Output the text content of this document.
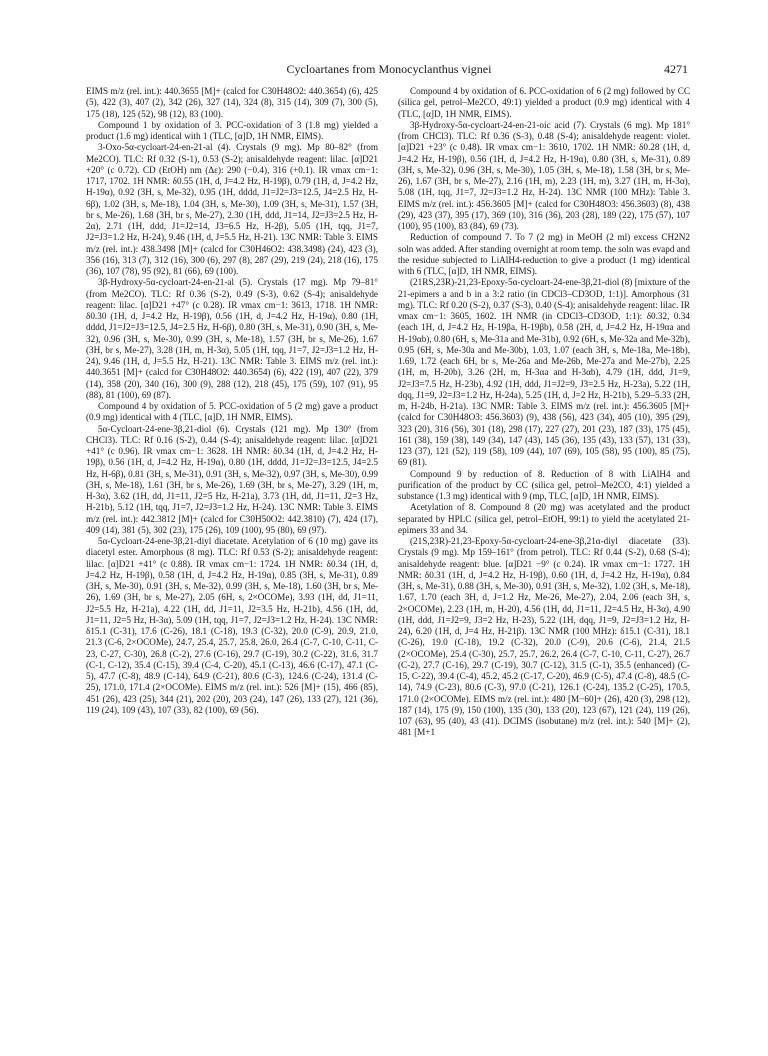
Cycloartanes from Monocyclanthus vignei	4271

EIMS m/z (rel. int.): 440.3655 [M]+ (calcd for C30H48O2: 440.3654) (6), 425 (5), 422 (3), 407 (2), 342 (26), 327 (14), 324 (8), 315 (14), 309 (7), 300 (5), 175 (18), 125 (52), 98 (12), 83 (100).

Compound 1 by oxidation of 3. PCC-oxidation of 3 (1.8 mg) yielded a product (1.6 mg) identical with 1 (TLC, [α]D, 1H NMR, EIMS).

3-Oxo-5α-cycloart-24-en-21-al (4). Crystals (9 mg). Mp 80–82° (from Me2CO). TLC: Rf 0.32 (S-1), 0.53 (S-2); anisaldehyde reagent: lilac. [α]D21 +20° (c 0.72). CD (EtOH) nm (Δε): 290 (−0.4), 316 (+0.1). IR νmax cm−1: 1717, 1702. 1H NMR: δ0.55 (1H, d, J=4.2 Hz, H-19β), 0.79 (1H, d, J=4.2 Hz, H-19α), 0.92 (3H, s, Me-32), 0.95 (1H, dddd, J1=J2=J3=12.5, J4=2.5 Hz, H-6β), 1.02 (3H, s, Me-18), 1.04 (3H, s, Me-30), 1.09 (3H, s, Me-31), 1.57 (3H, br s, Me-26), 1.68 (3H, br s, Me-27), 2.30 (1H, ddd, J1=14, J2=J3=2.5 Hz, H-2α), 2.71 (1H, ddd, J1=J2=14, J3=6.5 Hz, H-2β), 5.05 (1H, tqq, J1=7, J2=J3=1.2 Hz, H-24), 9.46 (1H, d, J=5.5 Hz, H-21). 13C NMR: Table 3. EIMS m/z (rel. int.): 438.3498 [M]+ (calcd for C30H46O2: 438.3498) (24), 423 (3), 356 (16), 313 (7), 312 (16), 300 (6), 297 (8), 287 (29), 219 (24), 218 (16), 175 (36), 107 (78), 95 (92), 81 (66), 69 (100).

3β-Hydroxy-5α-cycloart-24-en-21-al (5). Crystals (17 mg). Mp 79–81° (from Me2CO). TLC: Rf 0.36 (S-2), 0.49 (S-3), 0.62 (S-4); anisaldehyde reagent: lilac. [α]D21 +47° (c 0.28). IR νmax cm−1: 3613, 1718. 1H NMR: δ0.30 (1H, d, J=4.2 Hz, H-19β), 0.56 (1H, d, J=4.2 Hz, H-19α), 0.80 (1H, dddd, J1=J2=J3=12.5, J4=2.5 Hz, H-6β), 0.80 (3H, s, Me-31), 0.90 (3H, s, Me-32), 0.96 (3H, s, Me-30), 0.99 (3H, s, Me-18), 1.57 (3H, br s, Me-26), 1.67 (3H, br s, Me-27), 3.28 (1H, m, H-3α), 5.05 (1H, tqq, J1=7, J2=J3=1.2 Hz, H-24), 9.46 (1H, d, J=5.5 Hz, H-21). 13C NMR: Table 3. EIMS m/z (rel. int.): 440.3651 [M]+ (calcd for C30H48O2: 440.3654) (6), 422 (19), 407 (22), 379 (14), 358 (20), 340 (16), 300 (9), 288 (12), 218 (45), 175 (59), 107 (91), 95 (88), 81 (100), 69 (87).

Compound 4 by oxidation of 5. PCC-oxidation of 5 (2 mg) gave a product (0.9 mg) identical with 4 (TLC, [α]D, 1H NMR, EIMS).

5α-Cycloart-24-ene-3β,21-diol (6). Crystals (121 mg). Mp 130° (from CHCl3). TLC: Rf 0.16 (S-2), 0.44 (S-4); anisaldehyde reagent: lilac. [α]D21 +41° (c 0.96). IR νmax cm−1: 3628. 1H NMR: δ0.34 (1H, d, J=4.2 Hz, H-19β), 0.56 (1H, d, J=4.2 Hz, H-19α), 0.80 (1H, dddd, J1=J2=J3=12.5, J4=2.5 Hz, H-6β), 0.81 (3H, s, Me-31), 0.91 (3H, s, Me-32), 0.97 (3H, s, Me-30), 0.99 (3H, s, Me-18), 1.61 (3H, br s, Me-26), 1.69 (3H, br s, Me-27), 3.29 (1H, m, H-3α), 3.62 (1H, dd, J1=11, J2=5 Hz, H-21a), 3.73 (1H, dd, J1=11, J2=3 Hz, H-21b), 5.12 (1H, tqq, J1=7, J2=J3=1.2 Hz, H-24). 13C NMR: Table 3. EIMS m/z (rel. int.): 442.3812 [M]+ (calcd for C30H50O2: 442.3810) (7), 424 (17), 409 (14), 381 (5), 302 (23), 175 (26), 109 (100), 95 (80), 69 (97).

5α-Cycloart-24-ene-3β,21-diyl diacetate. Acetylation of 6 (10 mg) gave its diacetyl ester. Amorphous (8 mg). TLC: Rf 0.53 (S-2); anisaldehyde reagent: lilac. [α]D21 +41° (c 0.88). IR νmax cm−1: 1724. 1H NMR: δ0.34 (1H, d, J=4.2 Hz, H-19β), 0.58 (1H, d, J=4.2 Hz, H-19α), 0.85 (3H, s, Me-31), 0.89 (3H, s, Me-30), 0.91 (3H, s, Me-32), 0.99 (3H, s, Me-18), 1.60 (3H, br s, Me-26), 1.69 (3H, br s, Me-27), 2.05 (6H, s, 2×OCOMe), 3.93 (1H, dd, J1=11, J2=5.5 Hz, H-21a), 4.22 (1H, dd, J1=11, J2=3.5 Hz, H-21b), 4.56 (1H, dd, J1=11, J2=5 Hz, H-3α), 5.09 (1H, tqq, J1=7, J2=J3=1.2 Hz, H-24). 13C NMR: δ15.1 (C-31), 17.6 (C-26), 18.1 (C-18), 19.3 (C-32), 20.0 (C-9), 20.9, 21.0, 21.3 (C-6, 2×OCOMe), 24.7, 25.4, 25.7, 25.8, 26.0, 26.4 (C-7, C-10, C-11, C-23, C-27, C-30), 26.8 (C-2), 27.6 (C-16), 29.7 (C-19), 30.2 (C-22), 31.6, 31.7 (C-1, C-12), 35.4 (C-15), 39.4 (C-4, C-20), 45.1 (C-13), 46.6 (C-17), 47.1 (C-5), 47.7 (C-8), 48.9 (C-14), 64.9 (C-21), 80.6 (C-3), 124.6 (C-24), 131.4 (C-25), 171.0, 171.4 (2×OCOMe). EIMS m/z (rel. int.): 526 [M]+ (15), 466 (85), 451 (26), 423 (25), 344 (21), 202 (20), 203 (24), 147 (26), 133 (27), 121 (36), 119 (24), 109 (43), 107 (33), 82 (100), 69 (56).

Compound 4 by oxidation of 6. PCC-oxidation of 6 (2 mg) followed by CC (silica gel, petrol–Me2CO, 49:1) yielded a product (0.9 mg) identical with 4 (TLC, [α]D, 1H NMR, EIMS).

3β-Hydroxy-5α-cycloart-24-en-21-oic acid (7). Crystals (6 mg). Mp 181° (from CHCl3). TLC: Rf 0.36 (S-3), 0.48 (S-4); anisaldehyde reagent: violet. [α]D21 +23° (c 0.48). IR νmax cm−1: 3610, 1702. 1H NMR: δ0.28 (1H, d, J=4.2 Hz, H-19β), 0.56 (1H, d, J=4.2 Hz, H-19α), 0.80 (3H, s, Me-31), 0.89 (3H, s, Me-32), 0.96 (3H, s, Me-30), 1.05 (3H, s, Me-18), 1.58 (3H, br s, Me-26), 1.67 (3H, br s, Me-27), 2.16 (1H, m), 2.23 (1H, m), 3.27 (1H, m, H-3α), 5.08 (1H, tqq, J1=7, J2=J3=1.2 Hz, H-24). 13C NMR (100 MHz): Table 3. EIMS m/z (rel. int.): 456.3605 [M]+ (calcd for C30H48O3: 456.3603) (8), 438 (29), 423 (37), 395 (17), 369 (10), 316 (36), 203 (28), 189 (22), 175 (57), 107 (100), 95 (100), 83 (84), 69 (73).

Reduction of compound 7. To 7 (2 mg) in MeOH (2 ml) excess CH2N2 soln was added. After standing overnight at room temp. the soln was evapd and the residue subjected to LiAlH4-reduction to give a product (1 mg) identical with 6 (TLC, [α]D, 1H NMR, EIMS).

(21RS,23R)-21,23-Epoxy-5α-cycloart-24-ene-3β,21-diol (8) [mixture of the 21-epimers a and b in a 3:2 ratio (in CDCl3–CD3OD, 1:1)]. Amorphous (31 mg). TLC: Rf 0.20 (S-2), 0.37 (S-3), 0.40 (S-4); anisaldehyde reagent: lilac. IR νmax cm−1: 3605, 1602. 1H NMR (in CDCl3–CD3OD, 1:1): δ0.32, 0.34 (each 1H, d, J=4.2 Hz, H-19βa, H-19βb), 0.58 (2H, d, J=4.2 Hz, H-19αa and H-19αb), 0.80 (6H, s, Me-31a and Me-31b), 0.92 (6H, s, Me-32a and Me-32b), 0.95 (6H, s, Me-30a and Me-30b), 1.03, 1.07 (each 3H, s, Me-18a, Me-18b), 1.69, 1.72 (each 6H, br s, Me-26a and Me-26b, Me-27a and Me-27b), 2.25 (1H, m, H-20b), 3.26 (2H, m, H-3αa and H-3αb), 4.79 (1H, ddd, J1=9, J2=J3=7.5 Hz, H-23b), 4.92 (1H, ddd, J1=J2=9, J3=2.5 Hz, H-23a), 5.22 (1H, dqq, J1=9, J2=J3=1.2 Hz, H-24a), 5.25 (1H, d, J=2 Hz, H-21b), 5.29–5.33 (2H, m, H-24b, H-21a). 13C NMR: Table 3. EIMS m/z (rel. int.): 456.3605 [M]+ (calcd for C30H48O3: 456.3603) (9), 438 (56), 423 (34), 405 (10), 395 (29), 323 (20), 316 (56), 301 (18), 298 (17), 227 (27), 201 (23), 187 (33), 175 (45), 161 (38), 159 (38), 149 (34), 147 (43), 145 (36), 135 (43), 133 (57), 131 (33), 123 (37), 121 (52), 119 (58), 109 (44), 107 (69), 105 (58), 95 (100), 85 (75), 69 (81).

Compound 9 by reduction of 8. Reduction of 8 with LiAlH4 and purification of the product by CC (silica gel, petrol–Me2CO, 4:1) yielded a substance (1.3 mg) identical with 9 (mp, TLC, [α]D, 1H NMR, EIMS).

Acetylation of 8. Compound 8 (20 mg) was acetylated and the product separated by HPLC (silica gel, petrol–EtOH, 99:1) to yield the acetylated 21-epimers 33 and 34.

(21S,23R)-21,23-Epoxy-5α-cycloart-24-ene-3β,21α-diyl diacetate (33). Crystals (9 mg). Mp 159–161° (from petrol). TLC: Rf 0.44 (S-2), 0.68 (S-4); anisaldehyde reagent: blue. [α]D21 −9° (c 0.24). IR νmax cm−1: 1727. 1H NMR: δ0.31 (1H, d, J=4.2 Hz, H-19β), 0.60 (1H, d, J=4.2 Hz, H-19α), 0.84 (3H, s, Me-31), 0.88 (3H, s, Me-30), 0.91 (3H, s, Me-32), 1.02 (3H, s, Me-18), 1.67, 1.70 (each 3H, d, J=1.2 Hz, Me-26, Me-27), 2.04, 2.06 (each 3H, s, 2×OCOMe), 2.23 (1H, m, H-20), 4.56 (1H, dd, J1=11, J2=4.5 Hz, H-3α), 4.90 (1H, ddd, J1=J2=9, J3=2 Hz, H-23), 5.22 (1H, dqq, J1=9, J2=J3=1.2 Hz, H-24), 6.20 (1H, d, J=4 Hz, H-21β). 13C NMR (100 MHz): δ15.1 (C-31), 18.1 (C-26), 19.0 (C-18), 19.2 (C-32), 20.0 (C-9), 20.6 (C-6), 21.4, 21.5 (2×OCOMe), 25.4 (C-30), 25.7, 25.7, 26.2, 26.4 (C-7, C-10, C-11, C-27), 26.7 (C-2), 27.7 (C-16), 29.7 (C-19), 30.7 (C-12), 31.5 (C-1), 35.5 (enhanced) (C-15, C-22), 39.4 (C-4), 45.2, 45.2 (C-17, C-20), 46.9 (C-5), 47.4 (C-8), 48.5 (C-14), 74.9 (C-23), 80.6 (C-3), 97.0 (C-21), 126.1 (C-24), 135.2 (C-25), 170.5, 171.0 (2×OCOMe). EIMS m/z (rel. int.): 480 [M−60]+ (26), 420 (3), 298 (12), 187 (14), 175 (9), 150 (100), 135 (30), 133 (20), 123 (67), 121 (24), 119 (26), 107 (63), 95 (40), 43 (41). DCIMS (isobutane) m/z (rel. int.): 540 [M]+ (2), 481 [M+1
